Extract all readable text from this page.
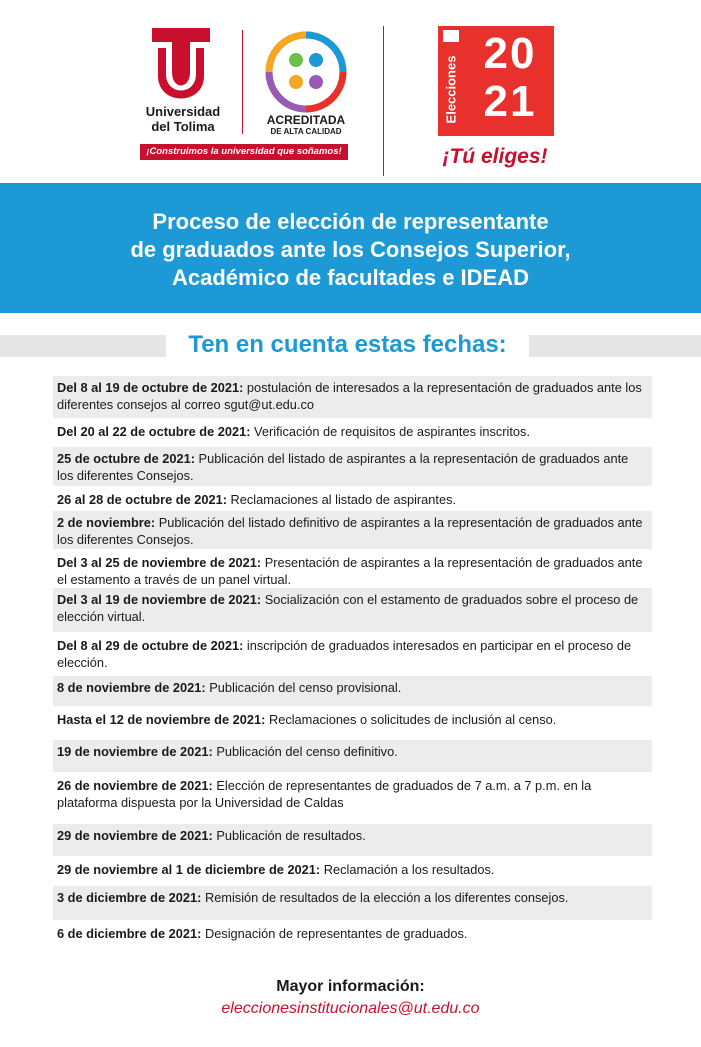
Universidad
del Tolima	ACREDITADA
DE ALTA CALIDAD
¡Construimos la universidad que soñamos!
Elecciones
20
21
¡Tú eliges!
Proceso de elección de representante
de graduados ante los Consejos Superior,
Académico de facultades e IDEAD
Ten en cuenta estas fechas:
Del 8 al 19 de octubre de 2021: postulación de interesados a la representación de graduados ante los diferentes consejos al correo sgut@ut.edu.co
Del 20 al 22 de octubre de 2021: Verificación de requisitos de aspirantes inscritos.
25 de octubre de 2021: Publicación del listado de aspirantes a la representación de graduados ante los diferentes Consejos.
26 al 28 de octubre de 2021: Reclamaciones al listado de aspirantes.
2 de noviembre: Publicación del listado definitivo de aspirantes a la representación de graduados ante los diferentes Consejos.
Del 3 al 25 de noviembre de 2021: Presentación de aspirantes a la representación de graduados ante el estamento a través de un panel virtual.
Del 3 al 19 de noviembre de 2021: Socialización con el estamento de graduados sobre el proceso de elección virtual.
Del 8 al 29 de octubre de 2021: inscripción de graduados interesados en participar en el proceso de elección.
8 de noviembre de 2021: Publicación del censo provisional.
Hasta el 12 de noviembre de 2021: Reclamaciones o solicitudes de inclusión al censo.
19 de noviembre de 2021: Publicación del censo definitivo.
26 de noviembre de 2021: Elección de representantes de graduados de 7 a.m. a 7 p.m. en la plataforma dispuesta por la Universidad de Caldas
29 de noviembre de 2021: Publicación de resultados.
29 de noviembre al 1 de diciembre de 2021: Reclamación a los resultados.
3 de diciembre de 2021: Remisión de resultados de la elección a los diferentes consejos.
6 de diciembre de 2021: Designación de representantes de graduados.
Mayor información:
eleccionesinstitucionales@ut.edu.co
